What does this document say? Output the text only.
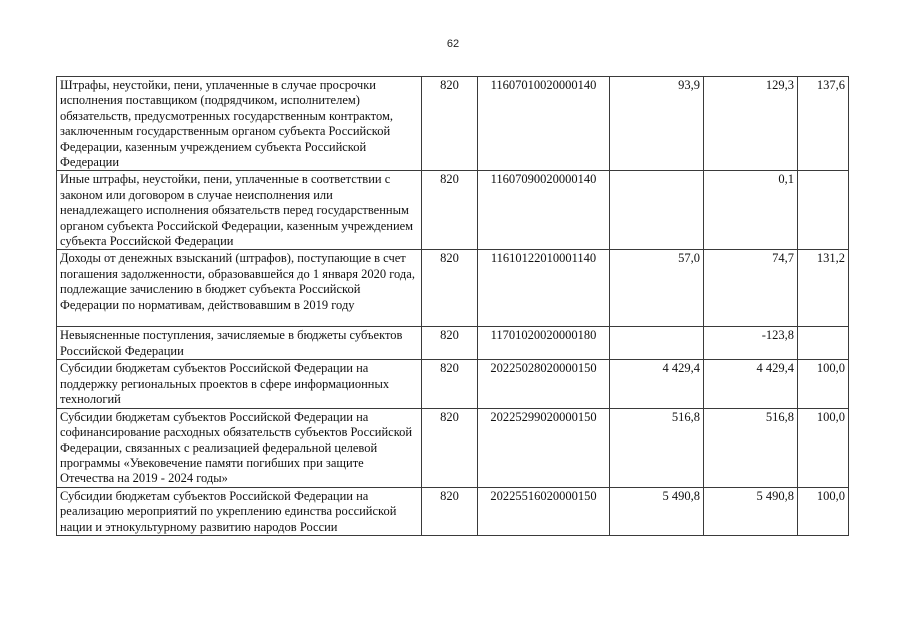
62
Штрафы, неустойки, пени, уплаченные в случае просрочки исполнения поставщиком (подрядчиком, исполнителем) обязательств, предусмотренных государственным контрактом, заключенным государственным органом субъекта Российской Федерации, казенным учреждением субъекта Российской Федерации	820	11607010020000140	93,9	129,3	137,6
Иные штрафы, неустойки, пени, уплаченные в соответствии с законом или договором в случае неисполнения или ненадлежащего исполнения обязательств перед государственным органом субъекта Российской Федерации, казенным учреждением субъекта Российской Федерации	820	11607090020000140		0,1	
Доходы от денежных взысканий (штрафов), поступающие в счет погашения задолженности, образовавшейся до 1 января 2020 года, подлежащие зачислению в бюджет субъекта Российской Федерации по нормативам, действовавшим в 2019 году	820	11610122010001140	57,0	74,7	131,2
Невыясненные поступления, зачисляемые в бюджеты субъектов Российской Федерации	820	11701020020000180		-123,8	
Субсидии бюджетам субъектов Российской Федерации на поддержку региональных проектов в сфере информационных технологий	820	20225028020000150	4 429,4	4 429,4	100,0
Субсидии бюджетам субъектов Российской Федерации на софинансирование расходных обязательств субъектов Российской Федерации, связанных с реализацией федеральной целевой программы «Увековечение памяти погибших при защите Отечества на 2019 - 2024 годы»	820	20225299020000150	516,8	516,8	100,0
Субсидии бюджетам субъектов Российской Федерации на реализацию мероприятий по укреплению единства российской нации и этнокультурному развитию народов России	820	20225516020000150	5 490,8	5 490,8	100,0
